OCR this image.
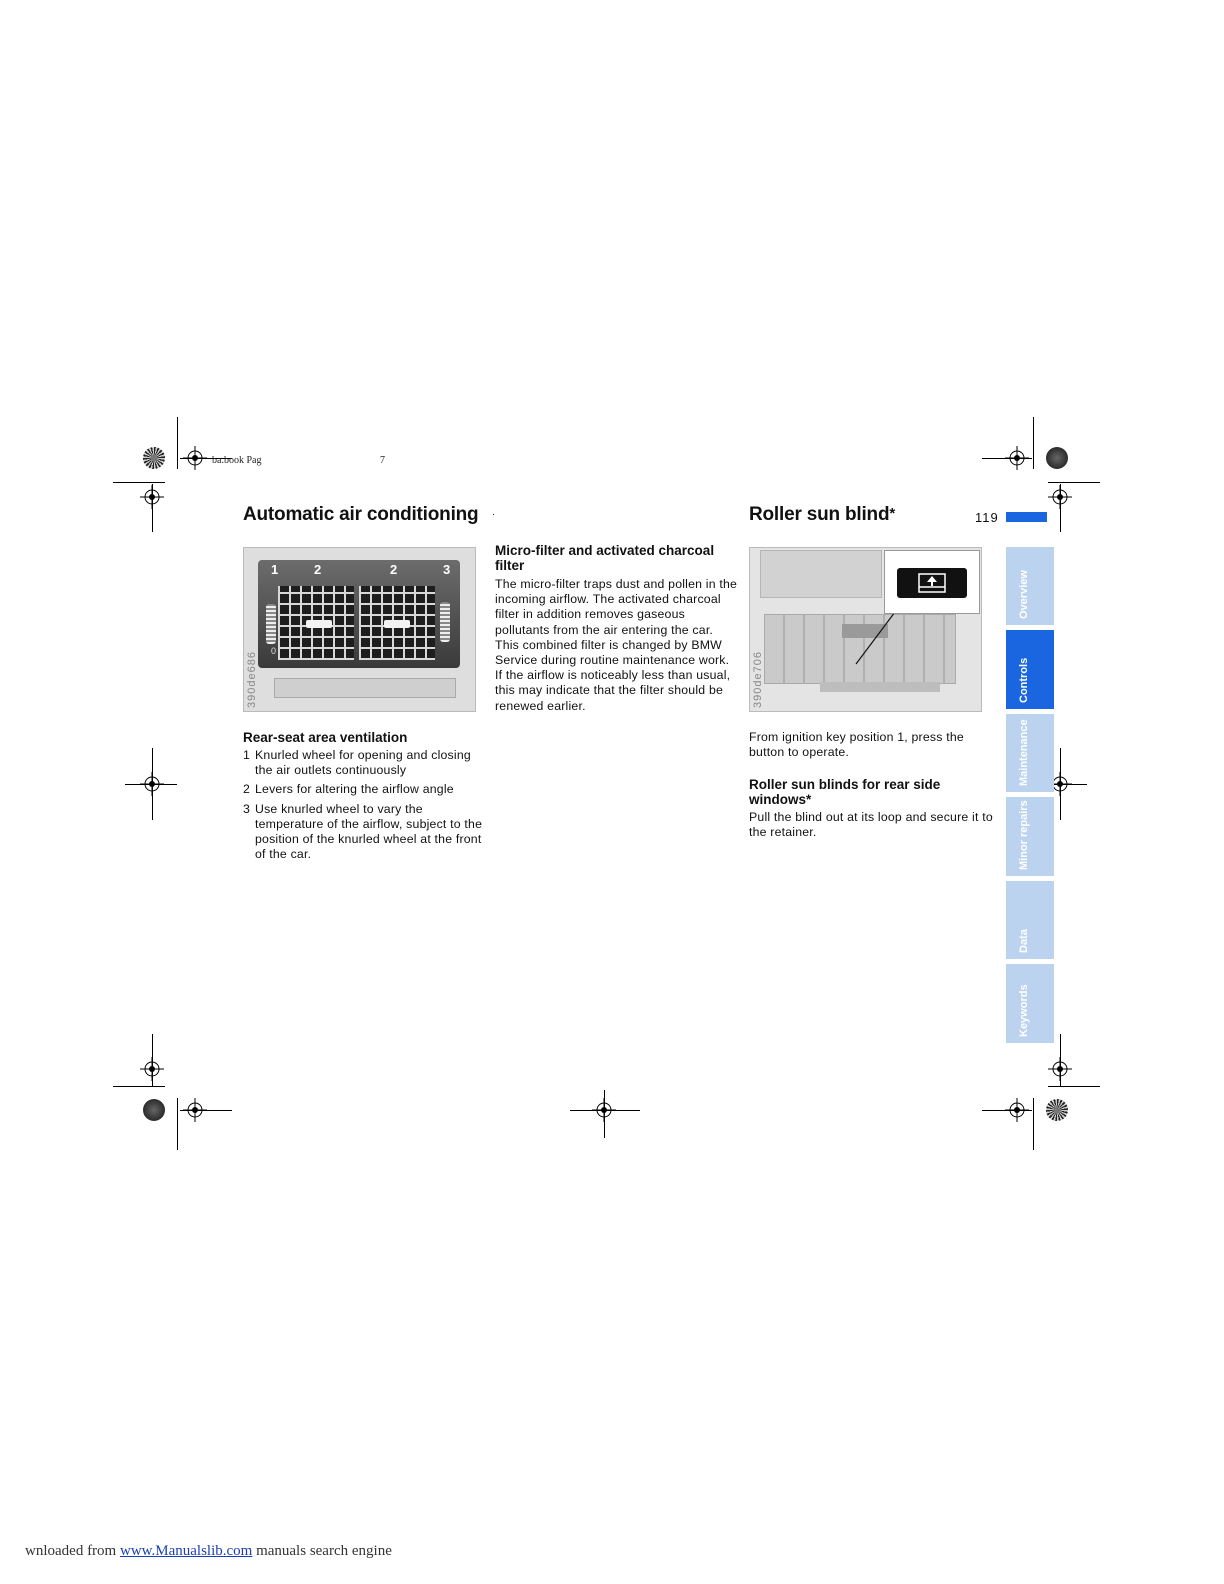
ba.book Pag	7
Automatic air conditioning .	Roller sun blind*	119
0
1	2	2	3
390de686
Micro-filter and activated charcoal filter

The micro-filter traps dust and pollen in the incoming airflow. The activated charcoal filter in addition removes gaseous pollutants from the air entering the car. This combined filter is changed by BMW Service during routine maintenance work. If the airflow is noticeably less than usual, this may indicate that the filter should be renewed earlier.

Rear-seat area ventilation
1 Knurled wheel for opening and closing the air outlets continuously
2 Levers for altering the airflow angle
3 Use knurled wheel to vary the temperature of the airflow, subject to the position of the knurled wheel at the front of the car.
390de706

From ignition key position 1, press the button to operate.

Roller sun blinds for rear side windows*

Pull the blind out at its loop and secure it to the retainer.

Overview
Controls
Maintenance
Minor repairs
Data
Keywords
wnloaded from www.Manualslib.com manuals search engine
